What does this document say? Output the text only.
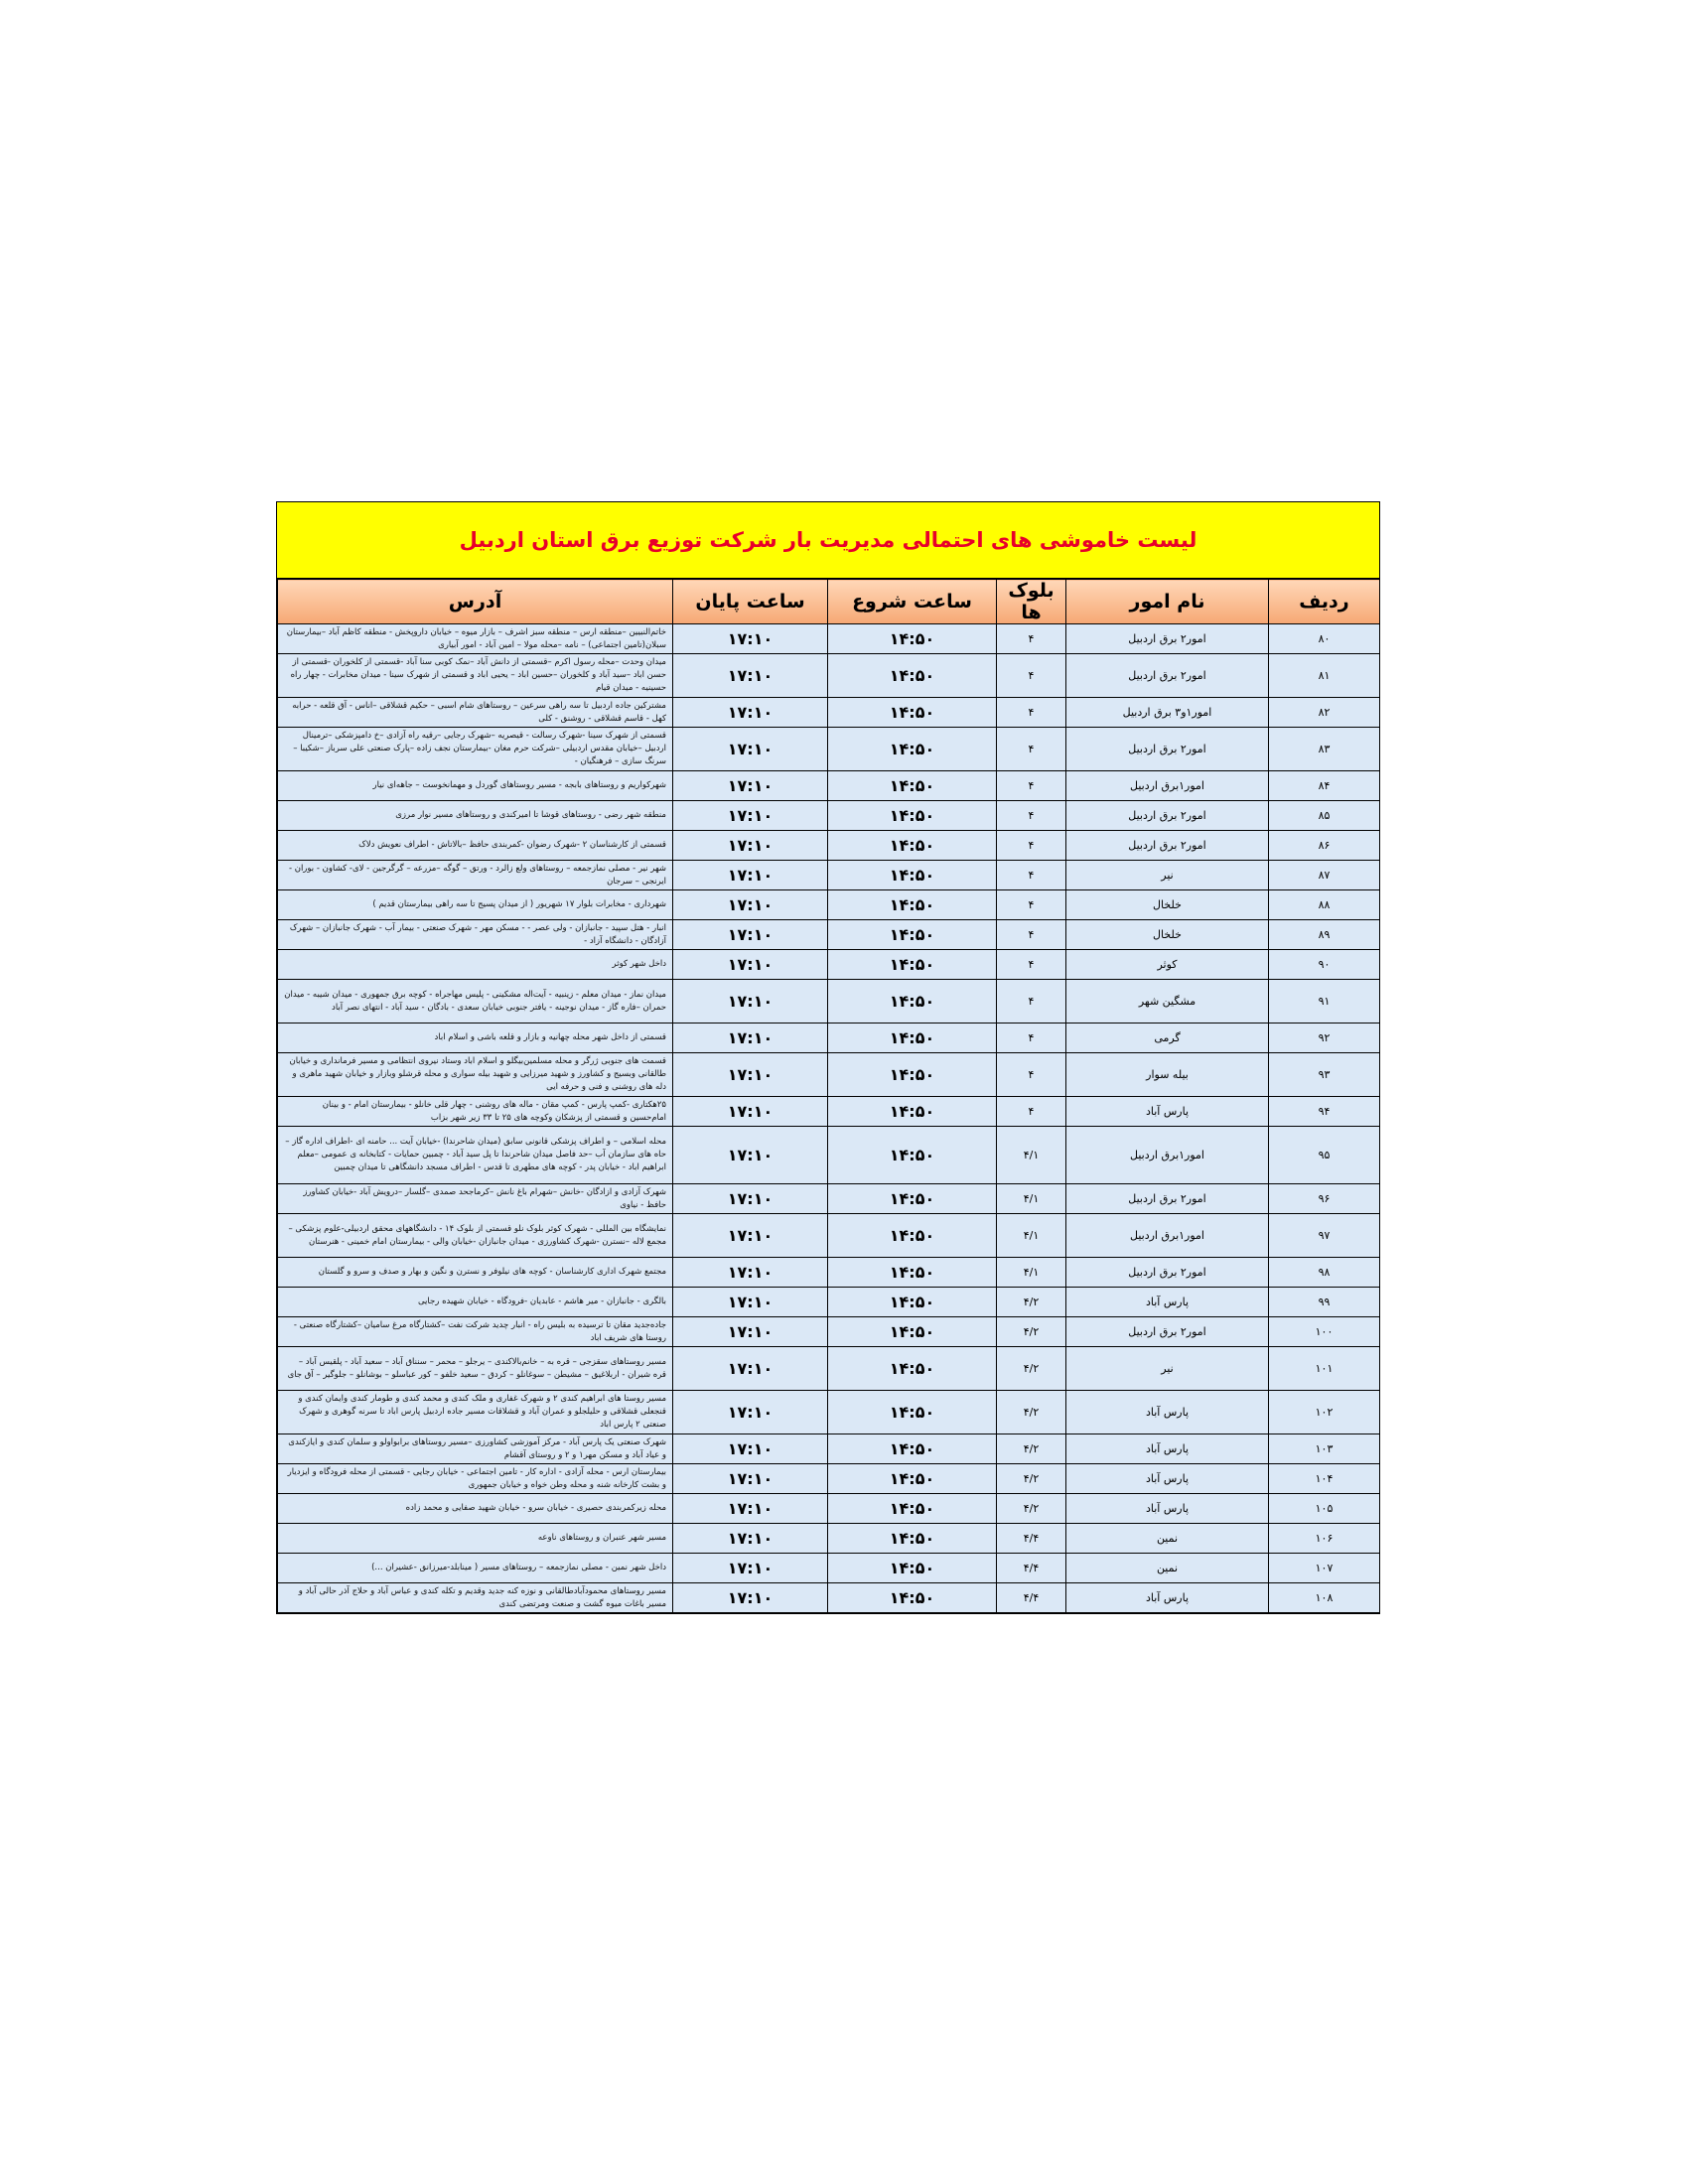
لیست خاموشی های احتمالی مدیریت بار شرکت توزیع برق استان اردبیل
ردیف	نام امور	بلوک ها	ساعت شروع	ساعت پایان	آدرس
۸۰	امور۲ برق اردبیل	۴	۱۴:۵۰	۱۷:۱۰	خاتم‌النبیین –منطقه ارس – منطقه سبز اشرف – بازار میوه – خیابان داروپخش - منطقه کاظم آباد –بیمارستان سبلان(تامین اجتماعی) – نامه –محله مولا – امین آباد - امور آبیاری
۸۱	امور۲ برق اردبیل	۴	۱۴:۵۰	۱۷:۱۰	میدان وحدت –محله رسول اکرم –قسمتی از دانش آباد –نمک کوبی سنا آباد -قسمتی از کلخوران -قسمتی از حسن اباد –سید آباد و کلخوران –حسین اباد – یحیی اباد و قسمتی از شهرک سینا - میدان مخابرات - چهار راه حسینیه - میدان قیام
۸۲	امور۱و۳ برق اردبیل	۴	۱۴:۵۰	۱۷:۱۰	مشترکین جاده اردبیل تا سه راهی سرعین – روستاهای شام اسبی – حکیم قشلاقی –اناس - آق قلعه - حرابه کهل - قاسم قشلاقی - روشنق - کلی
۸۳	امور۲ برق اردبیل	۴	۱۴:۵۰	۱۷:۱۰	قسمتی از شهرک سینا -شهرک رسالت - قیصریه –شهرک رجایی –رقیه راه آزادی –خ دامپزشکی –ترمینال اردبیل –خیابان مقدس اردبیلی –شرکت حرم مغان -بیمارستان نجف زاده –پارک صنعتی علی سرباز –شکیبا –سرنگ سازی – فرهنگیان -
۸۴	امور۱برق اردبیل	۴	۱۴:۵۰	۱۷:۱۰	شهرکواریم و روستاهای بابجه - مسیر روستاهای گوردل و مهمانخوست – جاهه‌ای نیار
۸۵	امور۲ برق اردبیل	۴	۱۴:۵۰	۱۷:۱۰	منطقه شهر رضی - روستاهای قوشا تا امیرکندی و روستاهای مسیر نوار مرزی
۸۶	امور۲ برق اردبیل	۴	۱۴:۵۰	۱۷:۱۰	قسمتی از کارشناسان ۲ -شهرک رضوان -کمربندی حافظ –بالاتاش - اطراف نعویش دلاک
۸۷	نیر	۴	۱۴:۵۰	۱۷:۱۰	شهر نیر - مصلی نمازجمعه – روستاهای ولع زالرد - ورتق – گوگه –مزرعه – گرگرجین - لای- کشاون - بوران - ایرنجی – سرجان
۸۸	خلخال	۴	۱۴:۵۰	۱۷:۱۰	شهرداری - مخابرات بلوار ۱۷ شهریور ( از میدان پسیج تا سه راهی بیمارستان قدیم )
۸۹	خلخال	۴	۱۴:۵۰	۱۷:۱۰	انبار - هتل سپید - جانبازان - ولی عصر - - مسکن مهر - شهرک صنعتی - بیمار آب - شهرک جانبازان – شهرک آزادگان - دانشگاه آزاد -
۹۰	کوثر	۴	۱۴:۵۰	۱۷:۱۰	داخل شهر کوثر
۹۱	مشگین شهر	۴	۱۴:۵۰	۱۷:۱۰	میدان نماز - میدان معلم - زینبیه - آیت‌اله مشکینی - پلیس مهاجراه - کوچه برق جمهوری - میدان شیبه - میدان حمران –فاره گاز - میدان نوجینه - یافتر جنوبی خیابان سعدی - بادگان - سید آباد - انتهای نصر آباد
۹۲	گرمی	۴	۱۴:۵۰	۱۷:۱۰	قسمتی از داخل شهر محله چهانیه و بازار و قلعه باشی و اسلام اباد
۹۳	بیله سوار	۴	۱۴:۵۰	۱۷:۱۰	قسمت های جنوبی ژرگر و محله مسلمین‌بیگلو و اسلام اباد وستاد نیروی انتظامی و مسیر فرمانداری و خیابان طالقانی وبسیج و کشاورز و شهید میرزایی و شهید بیله سواری و محله قرشلو وبازار و خیابان شهید ماهری و دله های روشنی و فنی و حرفه ایی
۹۴	پارس آباد	۴	۱۴:۵۰	۱۷:۱۰	۲۵هکتاری -کمپ پارس - کمپ مقان - ماله های روشنی - چهار قلی خانلو - بیمارستان امام - و بینان امام‌حسین و قسمتی از پزشکان وکوچه های ۲۵ تا ۳۳ زیر شهر بزاب
۹۵	امور۱برق اردبیل	۴/۱	۱۴:۵۰	۱۷:۱۰	محله اسلامی – و اطراف پزشکی قانونی سابق (میدان شاحرندا) -خیابان آیت ... حامنه ای -اطراف اداره گاز –حاه های سازمان آب –حد فاصل میدان شاحرندا تا پل سید آباد - چمبین حمایات - کتابخانه ی عمومی –معلم ابراهیم اباد - خیابان پدر - کوچه های مطهری تا قدس - اطراف مسجد دانشگاهی تا میدان چمبین
۹۶	امور۲ برق اردبیل	۴/۱	۱۴:۵۰	۱۷:۱۰	شهرک آزادی و ازادگان -خانش –شهرام باغ نانش –کرماجحد صمدی –گلسار –درویش آباد -خیابان کشاورز حافظ - نیاوی
۹۷	امور۱برق اردبیل	۴/۱	۱۴:۵۰	۱۷:۱۰	نمایشگاه بین المللی - شهرک کوثر بلوک نلو قسمتی از بلوک ۱۴ - دانشگاههای محقق اردبیلی-علوم پزشکی –مجمع لاله –نسترن -شهرک کشاورزی - میدان جانبازان -خیابان والی - بیمارستان امام خمینی - هنرستان
۹۸	امور۲ برق اردبیل	۴/۱	۱۴:۵۰	۱۷:۱۰	مجتمع شهرک اداری کارشناسان - کوچه های نیلوفر و نسترن و نگین و بهار و صدف و سرو و گلستان
۹۹	پارس آباد	۴/۲	۱۴:۵۰	۱۷:۱۰	بالگری - جانبازان - میر هاشم - عابدیان -فرودگاه - خیابان شهیده رجایی
۱۰۰	امور۲ برق اردبیل	۴/۲	۱۴:۵۰	۱۷:۱۰	جاده‌جدید مقان تا ترسیده به بلیس راه - انبار چدید شرکت نفت –کشتارگاه مرغ سامیان –کشتارگاه صنعتی - روستا های شریف اباد
۱۰۱	نیر	۴/۲	۱۴:۵۰	۱۷:۱۰	مسیر روستاهای سقزجی – قره به – خانم‌بالاکندی – یرجلو – محمر – سنناق آباد – سعید آباد - پلقیس آباد – قره شیران - اربلاغیق – مشیطن – سوغانلو – کردق – سعید خلفو – کور عباسلو – بوشانلو – جلوگیر – آق‌ جای
۱۰۲	پارس آباد	۴/۲	۱۴:۵۰	۱۷:۱۰	مسیر روستا های ابراهیم کندی ۲ و شهرک غفاری و ملک کندی و محمد کندی و طومار کندی وایمان کندی و قنجعلی قشلاقی و حلیلجلو و عمران آباد و قشلاقات مسیر جاده اردبیل پارس اباد تا سرنه گوهری و شهرک صنعتی ۲ پارس اباد
۱۰۳	پارس آباد	۴/۲	۱۴:۵۰	۱۷:۱۰	شهرک صنعتی یک پارس آباد - مرکز آموزشی کشاورزی –مسیر روستاهای برابواولو و سلمان کندی و ایازکندی و عیاد آباد و مسکن مهر۱ و ۲ و روستای آقشام
۱۰۴	پارس آباد	۴/۲	۱۴:۵۰	۱۷:۱۰	بیمارستان ارس - محله آزادی - اداره کار - تامین اجتماعی - خیابان رجایی - قسمتی از محله فرودگاه و ایزدیار و بشت کارخانه شنه و محله وطن خواه و خیابان جمهوری
۱۰۵	پارس آباد	۴/۲	۱۴:۵۰	۱۷:۱۰	محله زیرکمربندی حصیری - خیابان سرو - خیابان شهید صفایی و محمد زاده
۱۰۶	نمین	۴/۴	۱۴:۵۰	۱۷:۱۰	مسیر شهر عنبران و روستاهای ناوعه
۱۰۷	نمین	۴/۴	۱۴:۵۰	۱۷:۱۰	داخل شهر نمین - مصلی نمازجمعه – روستاهای مسیر ( مینابلد-میرزانق -عشیران ...)
۱۰۸	پارس آباد	۴/۴	۱۴:۵۰	۱۷:۱۰	مسیر روستاهای محمودآباد‌طالقانی و نوزه کنه جدید وقدیم و تکله کندی و عباس آباد و حلاج آذر حالی آباد و مسیر باغات میوه گشت و صنعت ومرتضی کندی
